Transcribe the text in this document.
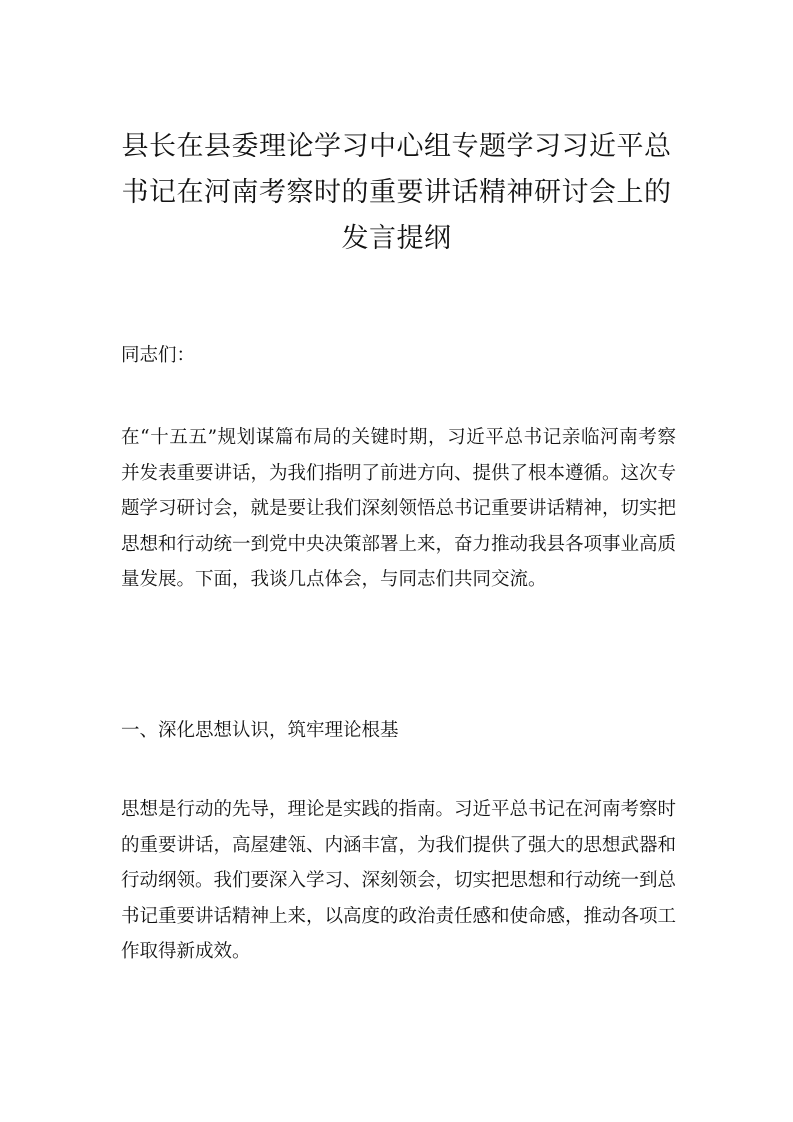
县长在县委理论学习中心组专题学习习近平总书记在河南考察时的重要讲话精神研讨会上的发言提纲

同志们：

在“十五五”规划谋篇布局的关键时期，习近平总书记亲临河南考察并发表重要讲话，为我们指明了前进方向、提供了根本遵循。这次专题学习研讨会，就是要让我们深刻领悟总书记重要讲话精神，切实把思想和行动统一到党中央决策部署上来，奋力推动我县各项事业高质量发展。下面，我谈几点体会，与同志们共同交流。

一、深化思想认识，筑牢理论根基

思想是行动的先导，理论是实践的指南。习近平总书记在河南考察时的重要讲话，高屋建瓴、内涵丰富，为我们提供了强大的思想武器和行动纲领。我们要深入学习、深刻领会，切实把思想和行动统一到总书记重要讲话精神上来，以高度的政治责任感和使命感，推动各项工作取得新成效。
